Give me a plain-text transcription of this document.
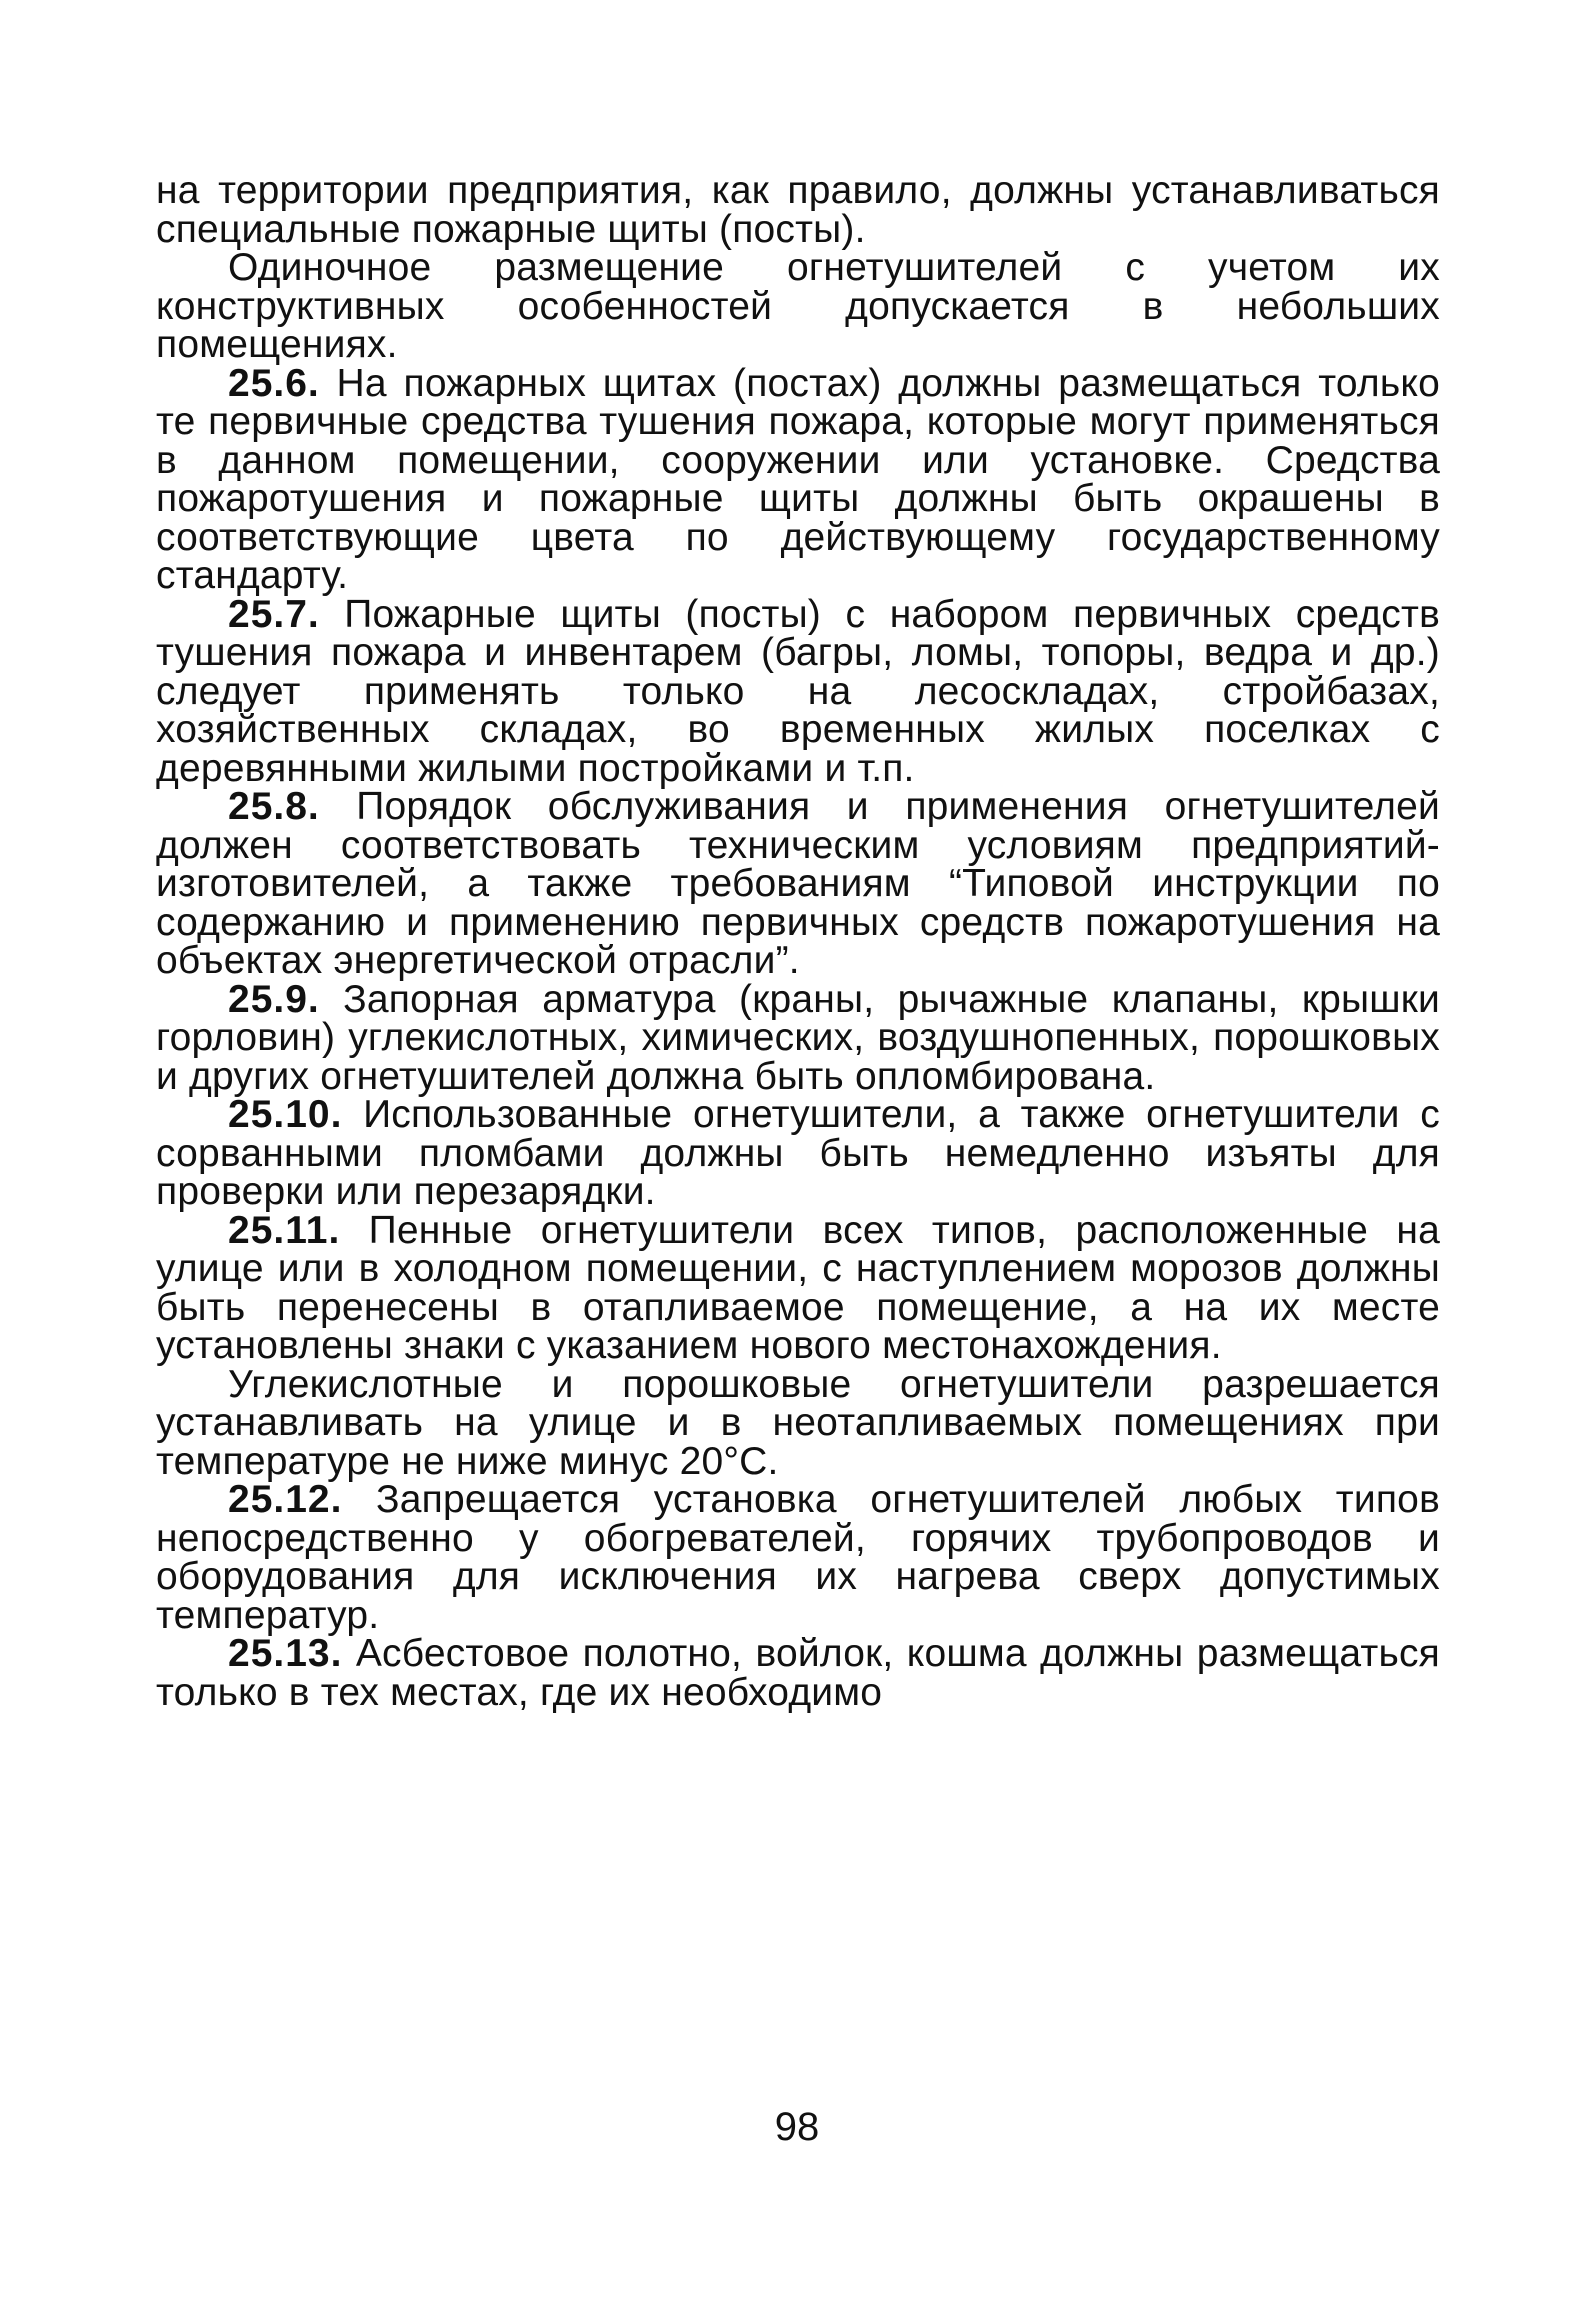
на территории предприятия, как правило, должны устанавливаться специальные пожарные щиты (посты).

Одиночное размещение огнетушителей с учетом их конструктивных особенностей допускается в небольших помещениях.

25.6. На пожарных щитах (постах) должны размещаться только те первичные средства тушения пожара, которые могут применяться в данном помещении, сооружении или установке. Средства пожаротушения и пожарные щиты должны быть окрашены в соответствующие цвета по действующему государственному стандарту.

25.7. Пожарные щиты (посты) с набором первичных средств тушения пожара и инвентарем (багры, ломы, топоры, ведра и др.) следует применять только на лесоскладах, стройбазах, хозяйственных складах, во временных жилых поселках с деревянными жилыми постройками и т.п.

25.8. Порядок обслуживания и применения огнетушителей должен соответствовать техническим условиям предприятий-изготовителей, а также требованиям “Типовой инструкции по содержанию и применению первичных средств пожаротушения на объектах энергетической отрасли”.

25.9. Запорная арматура (краны, рычажные клапаны, крышки горловин) углекислотных, химических, воздушнопенных, порошковых и других огнетушителей должна быть опломбирована.

25.10. Использованные огнетушители, а также огнетушители с сорванными пломбами должны быть немедленно изъяты для проверки или перезарядки.

25.11. Пенные огнетушители всех типов, расположенные на улице или в холодном помещении, с наступлением морозов должны быть перенесены в отапливаемое помещение, а на их месте установлены знаки с указанием нового местонахождения.

Углекислотные и порошковые огнетушители разрешается устанавливать на улице и в неотапливаемых помещениях при температуре не ниже минус 20°С.

25.12. Запрещается установка огнетушителей любых типов непосредственно у обогревателей, горячих трубопроводов и оборудования для исключения их нагрева сверх допустимых температур.

25.13. Асбестовое полотно, войлок, кошма должны размещаться только в тех местах, где их необходимо

98
